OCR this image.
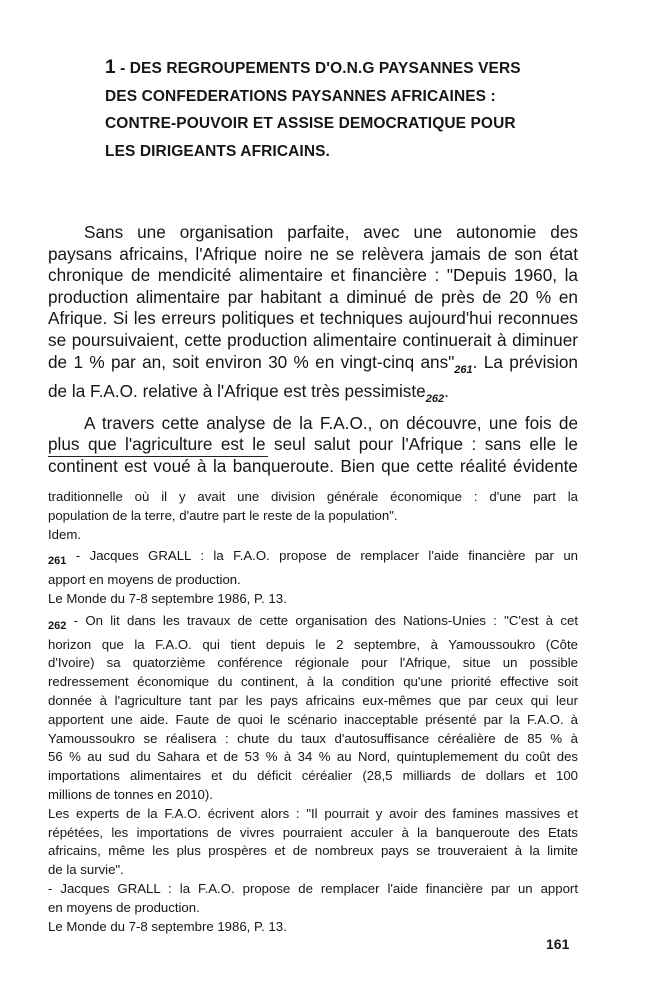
1 - DES REGROUPEMENTS D'O.N.G PAYSANNES VERS
DES CONFEDERATIONS PAYSANNES AFRICAINES :
CONTRE-POUVOIR ET ASSISE DEMOCRATIQUE POUR
LES DIRIGEANTS AFRICAINS.
Sans une organisation parfaite, avec une autonomie des
paysans africains, l'Afrique noire ne se relèvera jamais de son état
chronique de mendicité alimentaire et financière : "Depuis 1960, la
production alimentaire par habitant a diminué de près de 20 % en
Afrique. Si les erreurs politiques et techniques aujourd'hui reconnues
se poursuivaient, cette production alimentaire continuerait à diminuer
de 1 % par an, soit environ 30 % en vingt-cinq $ans"_{261}$. La prévision
de la F.A.O. relative à l'Afrique est très pessimiste$_{262}$.
A travers cette analyse de la F.A.O., on découvre, une fois de
plus que l'agriculture est le seul salut pour l'Afrique : sans elle le
continent est voué à la banqueroute. Bien que cette réalité évidente
traditionnelle où il y avait une division générale économique : d'une part la
population de la terre, d'autre part le reste de la population".
Idem.
$_{261}$ - Jacques GRALL : la F.A.O. propose de remplacer l'aide financière par un
apport en moyens de production.
Le Monde du 7-8 septembre 1986, P. 13.
$_{262}$ - On lit dans les travaux de cette organisation des Nations-Unies : "C'est à cet
horizon que la F.A.O. qui tient depuis le 2 septembre, à Yamoussoukro (Côte
d'Ivoire) sa quatorzième conférence régionale pour l'Afrique, situe un possible
redressement économique du continent, à la condition qu'une priorité effective soit
donnée à l'agriculture tant par les pays africains eux-mêmes que par ceux qui leur
apportent une aide. Faute de quoi le scénario inacceptable présenté par la F.A.O. à
Yamoussoukro se réalisera : chute du taux d'autosuffisance céréalière de 85 % à
56 % au sud du Sahara et de 53 % à 34 % au Nord, quintuplemement du coût des
importations alimentaires et du déficit céréalier (28,5 milliards de dollars et 100
millions de tonnes en 2010).
Les experts de la F.A.O. écrivent alors : "Il pourrait y avoir des famines massives et
répétées, les importations de vivres pourraient acculer à la banqueroute des Etats
africains, même les plus prospères et de nombreux pays se trouveraient à la limite
de la survie".
- Jacques GRALL : la F.A.O. propose de remplacer l'aide financière par un apport
en moyens de production.
Le Monde du 7-8 septembre 1986, P. 13.
161
